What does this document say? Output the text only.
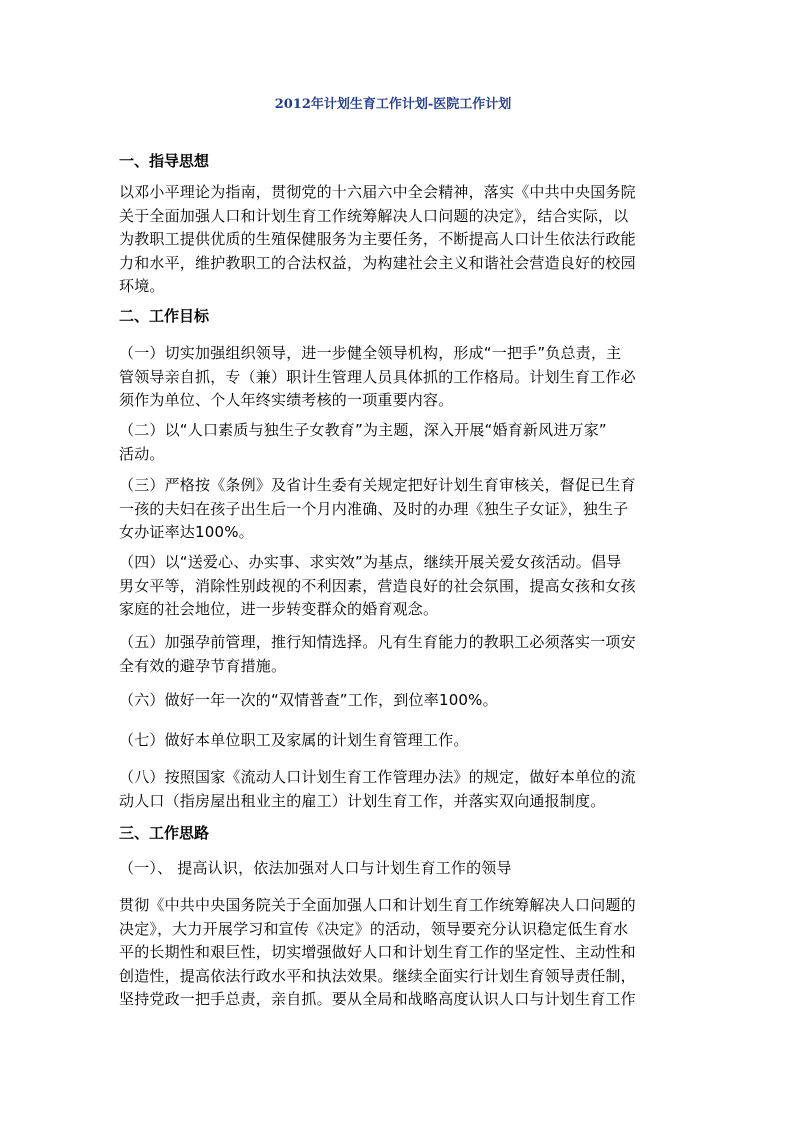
2012年计划生育工作计划-医院工作计划
一、指导思想
以邓小平理论为指南，贯彻党的十六届六中全会精神，落实《中共中央国务院
关于全面加强人口和计划生育工作统筹解决人口问题的决定》，结合实际，以
为教职工提供优质的生殖保健服务为主要任务，不断提高人口计生依法行政能
力和水平，维护教职工的合法权益，为构建社会主义和谐社会营造良好的校园
环境。
二、工作目标
（一）切实加强组织领导，进一步健全领导机构，形成“一把手”负总责，主
管领导亲自抓，专（兼）职计生管理人员具体抓的工作格局。计划生育工作必
须作为单位、个人年终实绩考核的一项重要内容。
（二）以“人口素质与独生子女教育”为主题，深入开展“婚育新风进万家”
活动。
（三）严格按《条例》及省计生委有关规定把好计划生育审核关，督促已生育
一孩的夫妇在孩子出生后一个月内准确、及时的办理《独生子女证》，独生子
女办证率达100%。
（四）以“送爱心、办实事、求实效”为基点，继续开展关爱女孩活动。倡导
男女平等，消除性别歧视的不利因素，营造良好的社会氛围，提高女孩和女孩
家庭的社会地位，进一步转变群众的婚育观念。
（五）加强孕前管理，推行知情选择。凡有生育能力的教职工必须落实一项安
全有效的避孕节育措施。
（六）做好一年一次的“双情普查”工作，到位率100%。
（七）做好本单位职工及家属的计划生育管理工作。
（八）按照国家《流动人口计划生育工作管理办法》的规定，做好本单位的流
动人口（指房屋出租业主的雇工）计划生育工作，并落实双向通报制度。
三、工作思路
（一）、 提高认识，依法加强对人口与计划生育工作的领导
贯彻《中共中央国务院关于全面加强人口和计划生育工作统筹解决人口问题的
决定》，大力开展学习和宣传《决定》的活动，领导要充分认识稳定低生育水
平的长期性和艰巨性，切实增强做好人口和计划生育工作的坚定性、主动性和
创造性，提高依法行政水平和执法效果。继续全面实行计划生育领导责任制，
坚持党政一把手总责，亲自抓。要从全局和战略高度认识人口与计划生育工作
